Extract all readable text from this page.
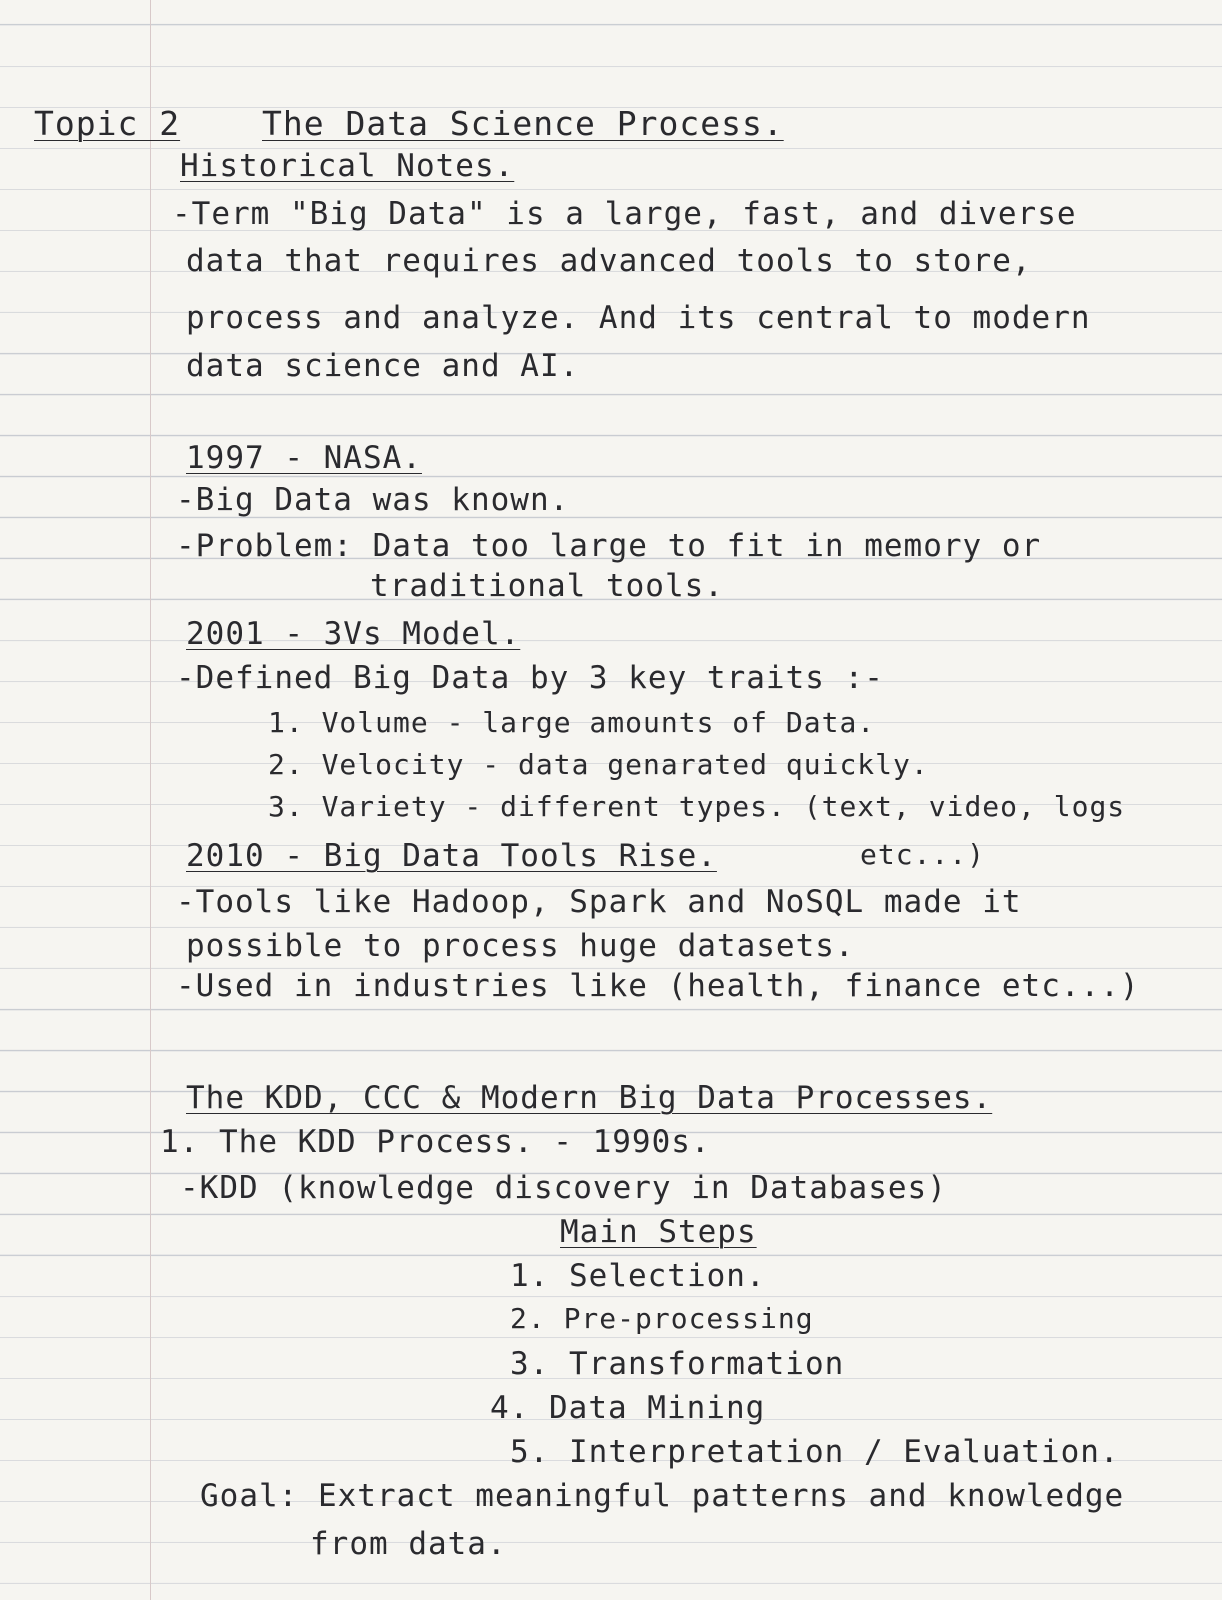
Topic 2 The Data Science Process.
Historical Notes.
-Term "Big Data" is a large, fast, and diverse
data that requires advanced tools to store,
process and analyze. And its central to modern
data science and AI.
1997 - NASA.
-Big Data was known.
-Problem: Data too large to fit in memory or
traditional tools.
2001 - 3Vs Model.
-Defined Big Data by 3 key traits :-
1. Volume - large amounts of Data.
2. Velocity - data genarated quickly.
3. Variety - different types. (text, video, logs
etc...)
2010 - Big Data Tools Rise.
-Tools like Hadoop, Spark and NoSQL made it
possible to process huge datasets.
-Used in industries like (health, finance etc...)
The KDD, CCC & Modern Big Data Processes.
1. The KDD Process. - 1990s.
-KDD (knowledge discovery in Databases)
Main Steps
1. Selection.
2. Pre-processing
3. Transformation
4. Data Mining
5. Interpretation / Evaluation.
Goal: Extract meaningful patterns and knowledge
from data.
